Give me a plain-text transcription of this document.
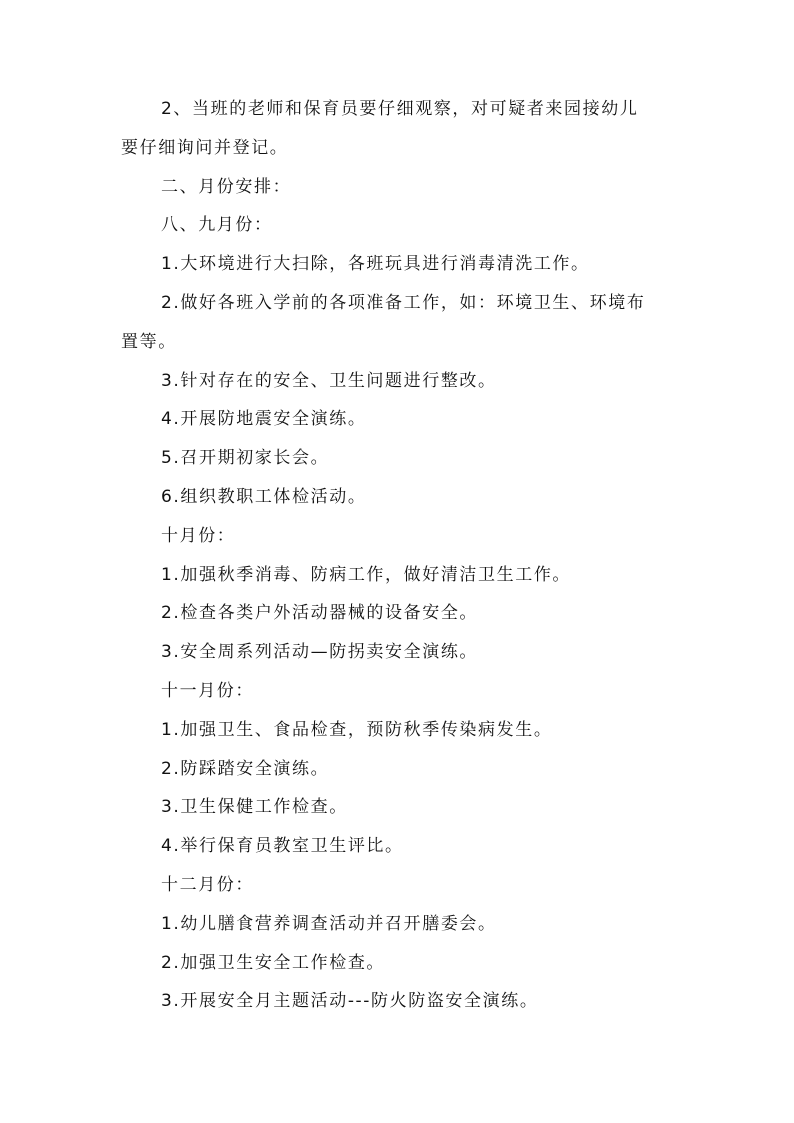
2、当班的老师和保育员要仔细观察，对可疑者来园接幼儿
要仔细询问并登记。
二、月份安排：
八、九月份：
1.大环境进行大扫除，各班玩具进行消毒清洗工作。
2.做好各班入学前的各项准备工作，如：环境卫生、环境布
置等。
3.针对存在的安全、卫生问题进行整改。
4.开展防地震安全演练。
5.召开期初家长会。
6.组织教职工体检活动。
十月份：
1.加强秋季消毒、防病工作，做好清洁卫生工作。
2.检查各类户外活动器械的设备安全。
3.安全周系列活动—防拐卖安全演练。
十一月份：
1.加强卫生、食品检查，预防秋季传染病发生。
2.防踩踏安全演练。
3.卫生保健工作检查。
4.举行保育员教室卫生评比。
十二月份：
1.幼儿膳食营养调查活动并召开膳委会。
2.加强卫生安全工作检查。
3.开展安全月主题活动---防火防盗安全演练。
